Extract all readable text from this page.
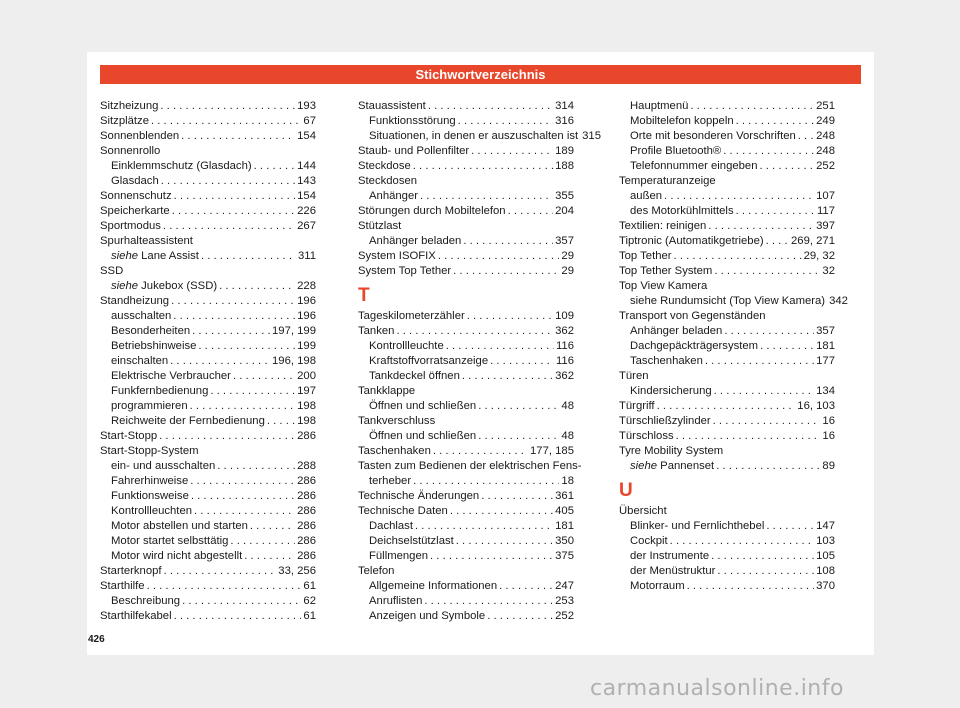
Stichwortverzeichnis
Sitzheizung . . .	193
Sitzplätze . . .	67
Sonnenblenden . . .	154
Sonnenrollo
Einklemmschutz (Glasdach) . . .	144
Glasdach . . .	143
Sonnenschutz . . .	154
Speicherkarte . . .	226
Sportmodus . . .	267
Spurhalteassistent
siehe Lane Assist . . .	311
SSD
siehe Jukebox (SSD) . . .	228
Standheizung . . .	196
ausschalten . . .	196
Besonderheiten . . .	197, 199
Betriebshinweise . . .	199
einschalten . . .	196, 198
Elektrische Verbraucher . . .	200
Funkfernbedienung . . .	197
programmieren . . .	198
Reichweite der Fernbedienung . . .	198
Start-Stopp . . .	286
Start-Stopp-System
ein- und ausschalten . . .	288
Fahrerhinweise . . .	286
Funktionsweise . . .	286
Kontrollleuchten . . .	286
Motor abstellen und starten . . .	286
Motor startet selbsttätig . . .	286
Motor wird nicht abgestellt . . .	286
Starterknopf . . .	33, 256
Starthilfe . . .	61
Beschreibung . . .	62
Starthilfekabel . . .	61
Stauassistent . . .	314
Funktionsstörung . . .	316
Situationen, in denen er auszuschalten ist 315
Staub- und Pollenfilter . . .	189
Steckdose . . .	188
Steckdosen
Anhänger . . .	355
Störungen durch Mobiltelefon . . .	204
Stützlast
Anhänger beladen . . .	357
System ISOFIX . . .	29
System Top Tether . . .	29
T
Tageskilometerzähler . . .	109
Tanken . . .	362
Kontrollleuchte . . .	116
Kraftstoffvorratsanzeige . . .	116
Tankdeckel öffnen . . .	362
Tankklappe
Öffnen und schließen . . .	48
Tankverschluss
Öffnen und schließen . . .	48
Taschenhaken . . .	177, 185
Tasten zum Bedienen der elektrischen Fens-
terheber . . .	18
Technische Änderungen . . .	361
Technische Daten . . .	405
Dachlast . . .	181
Deichselstützlast . . .	350
Füllmengen . . .	375
Telefon
Allgemeine Informationen . . .	247
Anruflisten . . .	253
Anzeigen und Symbole . . .	252
Hauptmenü . . .	251
Mobiltelefon koppeln . . .	249
Orte mit besonderen Vorschriften . . . 248
Profile Bluetooth® . . .	248
Telefonnummer eingeben . . .	252
Temperaturanzeige
außen . . .	107
des Motorkühlmittels . . .	117
Textilien: reinigen . . .	397
Tiptronic (Automatikgetriebe) . . . 269, 271
Top Tether . . .	29, 32
Top Tether System . . .	32
Top View Kamera
siehe Rundumsicht (Top View Kamera) 342
Transport von Gegenständen
Anhänger beladen . . .	357
Dachgepäckträgersystem . . .	181
Taschenhaken . . .	177
Türen
Kindersicherung . . .	134
Türgriff . . .	16, 103
Türschließzylinder . . .	16
Türschloss . . .	16
Tyre Mobility System
siehe Pannenset . . .	89
U
Übersicht
Blinker- und Fernlichthebel . . .	147
Cockpit . . .	103
der Instrumente . . .	105
der Menüstruktur . . .	108
Motorraum . . .	370
426
carmanualsonline.info
